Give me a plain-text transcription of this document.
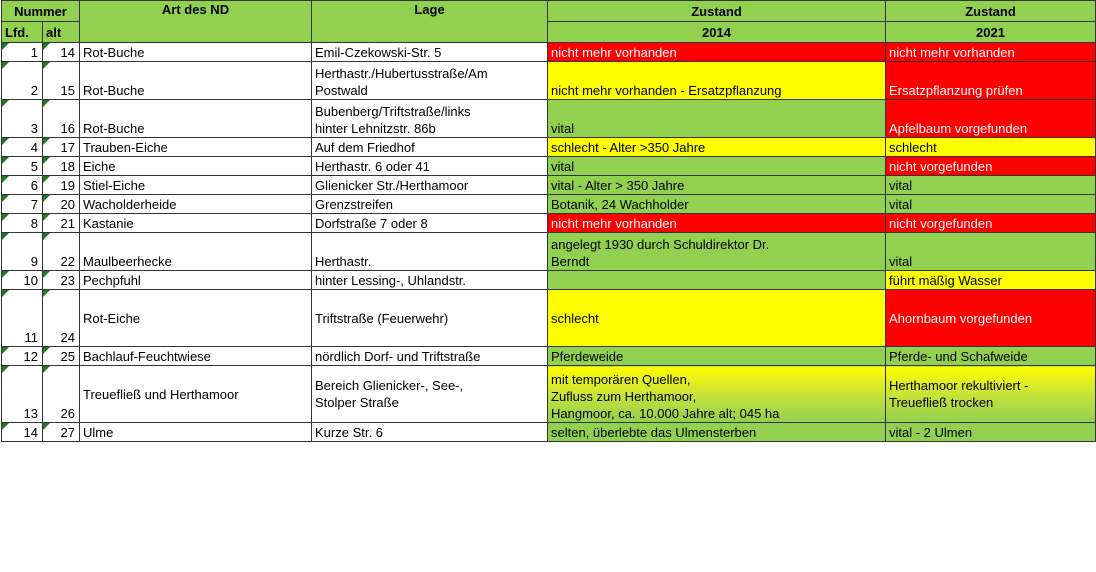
Nummer		Art des ND	Lage	Zustand	Zustand
Lfd.	alt			2014	2021

1	14	Rot-Buche	Emil-Czekowski-Str. 5	nicht mehr vorhanden	nicht mehr vorhanden

2	15	Rot-Buche	Herthastr./Hubertusstraße/Am
Postwald	nicht mehr vorhanden - Ersatzpflanzung	Ersatzpflanzung prüfen

3	16	Rot-Buche	Bubenberg/Triftstraße/links
hinter Lehnitzstr. 86b	vital	Apfelbaum vorgefunden

4	17	Trauben-Eiche	Auf dem Friedhof	schlecht - Alter >350 Jahre	schlecht

5	18	Eiche	Herthastr. 6 oder 41	vital	nicht vorgefunden

6	19	Stiel-Eiche	Glienicker Str./Herthamoor	vital - Alter > 350 Jahre	vital

7	20	Wacholderheide	Grenzstreifen	Botanik, 24 Wachholder	vital

8	21	Kastanie	Dorfstraße 7 oder 8	nicht mehr vorhanden	nicht vorgefunden

9	22	Maulbeerhecke	Herthastr.	angelegt 1930 durch Schuldirektor Dr.
Berndt	vital

10	23	Pechpfuhl	hinter Lessing-, Uhlandstr.		führt mäßig Wasser

11	24	Rot-Eiche	Triftstraße (Feuerwehr)	schlecht	Ahornbaum vorgefunden

12	25	Bachlauf-Feuchtwiese	nördlich Dorf- und Triftstraße	Pferdeweide	Pferde- und Schafweide

13	26	Treuefließ und Herthamoor	Bereich Glienicker-, See-,
Stolper Straße	mit temporären Quellen,
Zufluss zum Herthamoor,
Hangmoor, ca. 10.000 Jahre alt; 045 ha	Herthamoor rekultiviert -
Treuefließ trocken

14	27	Ulme	Kurze Str. 6	selten, überlebte das Ulmensterben	vital - 2 Ulmen
